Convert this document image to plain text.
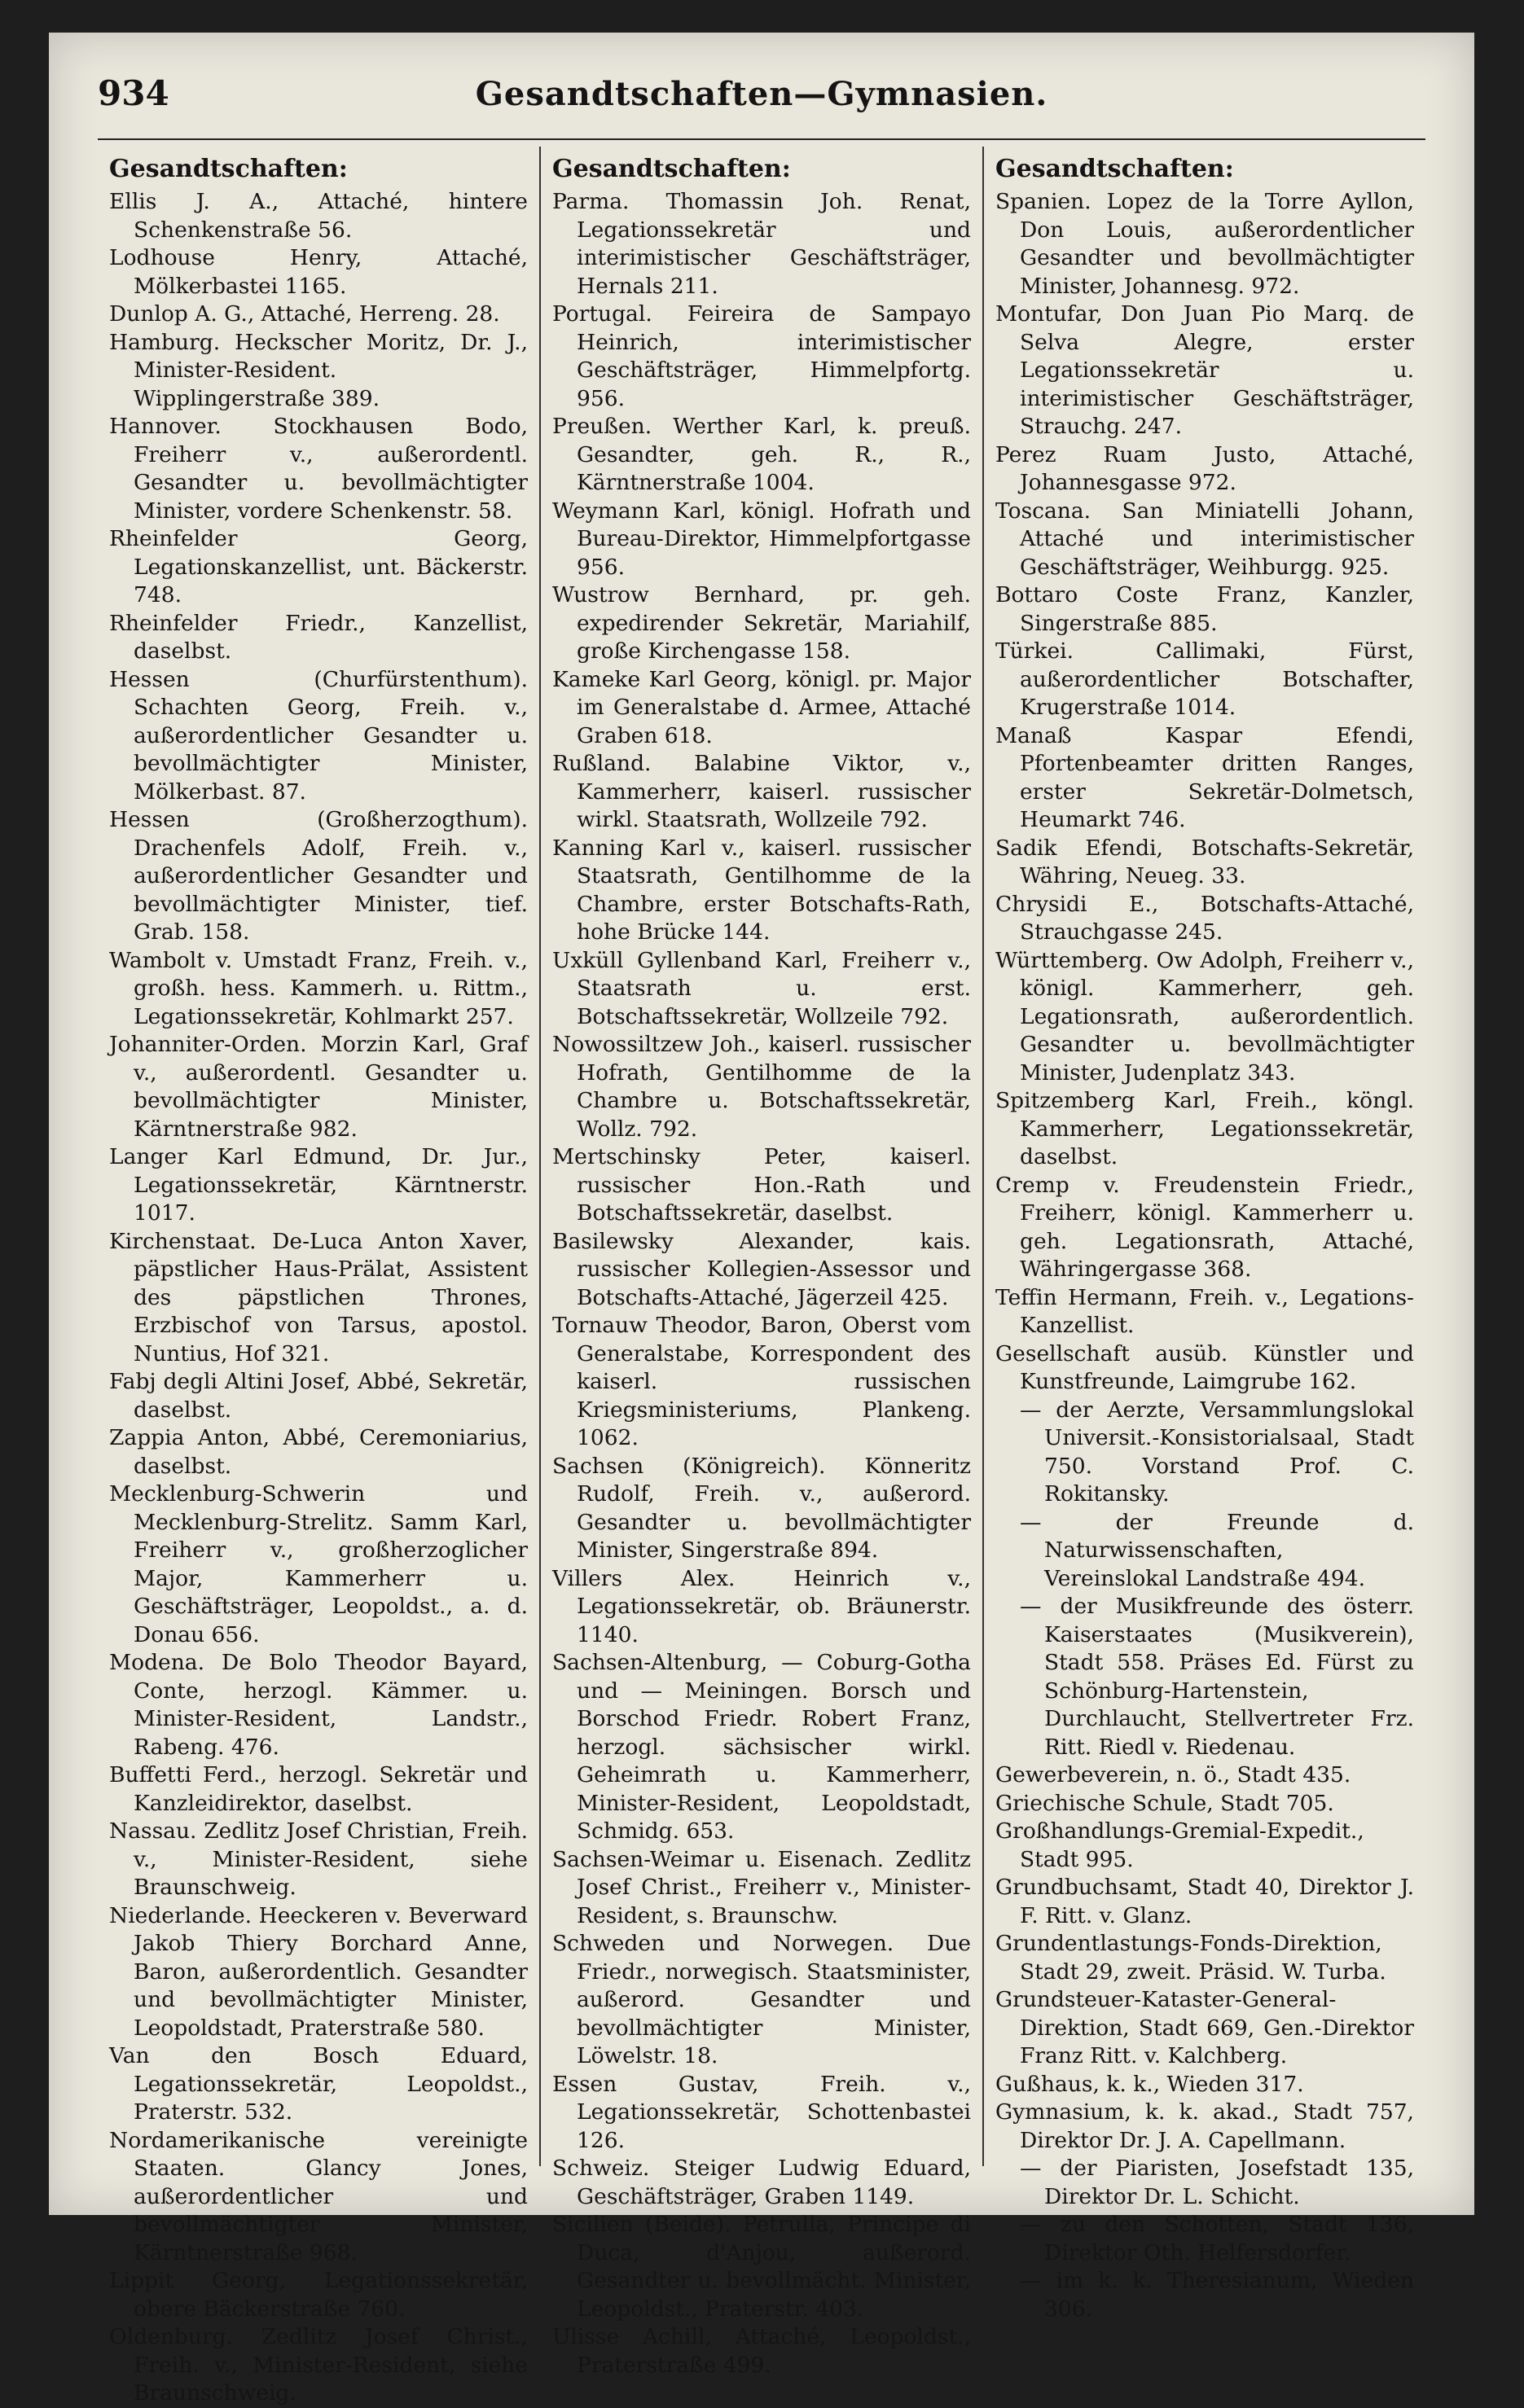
934	Gesandtschaften—Gymnasien.
Gesandtschaften:
Ellis J. A., Attaché, hintere Schenkenstraße 56.
Lodhouse Henry, Attaché, Mölkerbastei 1165.
Dunlop A. G., Attaché, Herreng. 28.
Hamburg. Heckscher Moritz, Dr. J., Minister-Resident. Wipplingerstraße 389.
Hannover. Stockhausen Bodo, Freiherr v., außerordentl. Gesandter u. bevollmächtigter Minister, vordere Schenkenstr. 58.
Rheinfelder Georg, Legationskanzellist, unt. Bäckerstr. 748.
Rheinfelder Friedr., Kanzellist, daselbst.
Hessen (Churfürstenthum). Schachten Georg, Freih. v., außerordentlicher Gesandter u. bevollmächtigter Minister, Mölkerbast. 87.
Hessen (Großherzogthum). Drachenfels Adolf, Freih. v., außerordentlicher Gesandter und bevollmächtigter Minister, tief. Grab. 158.
Wambolt v. Umstadt Franz, Freih. v., großh. hess. Kammerh. u. Rittm., Legationssekretär, Kohlmarkt 257.
Johanniter-Orden. Morzin Karl, Graf v., außerordentl. Gesandter u. bevollmächtigter Minister, Kärntnerstraße 982.
Langer Karl Edmund, Dr. Jur., Legationssekretär, Kärntnerstr. 1017.
Kirchenstaat. De-Luca Anton Xaver, päpstlicher Haus-Prälat, Assistent des päpstlichen Thrones, Erzbischof von Tarsus, apostol. Nuntius, Hof 321.
Fabj degli Altini Josef, Abbé, Sekretär, daselbst.
Zappia Anton, Abbé, Ceremoniarius, daselbst.
Mecklenburg-Schwerin und Mecklenburg-Strelitz. Samm Karl, Freiherr v., großherzoglicher Major, Kammerherr u. Geschäftsträger, Leopoldst., a. d. Donau 656.
Modena. De Bolo Theodor Bayard, Conte, herzogl. Kämmer. u. Minister-Resident, Landstr., Rabeng. 476.
Buffetti Ferd., herzogl. Sekretär und Kanzleidirektor, daselbst.
Nassau. Zedlitz Josef Christian, Freih. v., Minister-Resident, siehe Braunschweig.
Niederlande. Heeckeren v. Beverward Jakob Thiery Borchard Anne, Baron, außerordentlich. Gesandter und bevollmächtigter Minister, Leopoldstadt, Praterstraße 580.
Van den Bosch Eduard, Legationssekretär, Leopoldst., Praterstr. 532.
Nordamerikanische vereinigte Staaten. Glancy Jones, außerordentlicher und bevollmächtigter Minister, Kärntnerstraße 968.
Lippit Georg, Legationssekretär, obere Bäckerstraße 760.
Oldenburg. Zedlitz Josef Christ., Freih. v., Minister-Resident, siehe Braunschweig.
Gesandtschaften:
Parma. Thomassin Joh. Renat, Legationssekretär und interimistischer Geschäftsträger, Hernals 211.
Portugal. Feireira de Sampayo Heinrich, interimistischer Geschäftsträger, Himmelpfortg. 956.
Preußen. Werther Karl, k. preuß. Gesandter, geh. R., R., Kärntnerstraße 1004.
Weymann Karl, königl. Hofrath und Bureau-Direktor, Himmelpfortgasse 956.
Wustrow Bernhard, pr. geh. expedirender Sekretär, Mariahilf, große Kirchengasse 158.
Kameke Karl Georg, königl. pr. Major im Generalstabe d. Armee, Attaché Graben 618.
Rußland. Balabine Viktor, v., Kammerherr, kaiserl. russischer wirkl. Staatsrath, Wollzeile 792.
Kanning Karl v., kaiserl. russischer Staatsrath, Gentilhomme de la Chambre, erster Botschafts-Rath, hohe Brücke 144.
Uxküll Gyllenband Karl, Freiherr v., Staatsrath u. erst. Botschaftssekretär, Wollzeile 792.
Nowossiltzew Joh., kaiserl. russischer Hofrath, Gentilhomme de la Chambre u. Botschaftssekretär, Wollz. 792.
Mertschinsky Peter, kaiserl. russischer Hon.-Rath und Botschaftssekretär, daselbst.
Basilewsky Alexander, kais. russischer Kollegien-Assessor und Botschafts-Attaché, Jägerzeil 425.
Tornauw Theodor, Baron, Oberst vom Generalstabe, Korrespondent des kaiserl. russischen Kriegsministeriums, Plankeng. 1062.
Sachsen (Königreich). Könneritz Rudolf, Freih. v., außerord. Gesandter u. bevollmächtigter Minister, Singerstraße 894.
Villers Alex. Heinrich v., Legationssekretär, ob. Bräunerstr. 1140.
Sachsen-Altenburg, — Coburg-Gotha und — Meiningen. Borsch und Borschod Friedr. Robert Franz, herzogl. sächsischer wirkl. Geheimrath u. Kammerherr, Minister-Resident, Leopoldstadt, Schmidg. 653.
Sachsen-Weimar u. Eisenach. Zedlitz Josef Christ., Freiherr v., Minister-Resident, s. Braunschw.
Schweden und Norwegen. Due Friedr., norwegisch. Staatsminister, außerord. Gesandter und bevollmächtigter Minister, Löwelstr. 18.
Essen Gustav, Freih. v., Legationssekretär, Schottenbastei 126.
Schweiz. Steiger Ludwig Eduard, Geschäftsträger, Graben 1149.
Sicilien (Beide). Petrulla, Principe di Duca, d'Anjou, außerord. Gesandter u. bevollmächt. Minister, Leopoldst., Praterstr. 403.
Ulisse Achill, Attaché, Leopoldst., Praterstraße 499.
Gesandtschaften:
Spanien. Lopez de la Torre Ayllon, Don Louis, außerordentlicher Gesandter und bevollmächtigter Minister, Johannesg. 972.
Montufar, Don Juan Pio Marq. de Selva Alegre, erster Legationssekretär u. interimistischer Geschäftsträger, Strauchg. 247.
Perez Ruam Justo, Attaché, Johannesgasse 972.
Toscana. San Miniatelli Johann, Attaché und interimistischer Geschäftsträger, Weihburgg. 925.
Bottaro Coste Franz, Kanzler, Singerstraße 885.
Türkei. Callimaki, Fürst, außerordentlicher Botschafter, Krugerstraße 1014.
Manaß Kaspar Efendi, Pfortenbeamter dritten Ranges, erster Sekretär-Dolmetsch, Heumarkt 746.
Sadik Efendi, Botschafts-Sekretär, Währing, Neueg. 33.
Chrysidi E., Botschafts-Attaché, Strauchgasse 245.
Württemberg. Ow Adolph, Freiherr v., königl. Kammerherr, geh. Legationsrath, außerordentlich. Gesandter u. bevollmächtigter Minister, Judenplatz 343.
Spitzemberg Karl, Freih., köngl. Kammerherr, Legationssekretär, daselbst.
Cremp v. Freudenstein Friedr., Freiherr, königl. Kammerherr u. geh. Legationsrath, Attaché, Währingergasse 368.
Teffin Hermann, Freih. v., Legations-Kanzellist.
Gesellschaft ausüb. Künstler und Kunstfreunde, Laimgrube 162.
— der Aerzte, Versammlungslokal Universit.-Konsistorialsaal, Stadt 750. Vorstand Prof. C. Rokitansky.
— der Freunde d. Naturwissenschaften, Vereinslokal Landstraße 494.
— der Musikfreunde des österr. Kaiserstaates (Musikverein), Stadt 558. Präses Ed. Fürst zu Schönburg-Hartenstein, Durchlaucht, Stellvertreter Frz. Ritt. Riedl v. Riedenau.
Gewerbeverein, n. ö., Stadt 435.
Griechische Schule, Stadt 705.
Großhandlungs-Gremial-Expedit., Stadt 995.
Grundbuchsamt, Stadt 40, Direktor J. F. Ritt. v. Glanz.
Grundentlastungs-Fonds-Direktion, Stadt 29, zweit. Präsid. W. Turba.
Grundsteuer-Kataster-General-Direktion, Stadt 669, Gen.-Direktor Franz Ritt. v. Kalchberg.
Gußhaus, k. k., Wieden 317.
Gymnasium, k. k. akad., Stadt 757, Direktor Dr. J. A. Capellmann.
— der Piaristen, Josefstadt 135, Direktor Dr. L. Schicht.
— zu den Schotten, Stadt 136, Direktor Oth. Helfersdorfer.
— im k. k. Theresianum, Wieden 306.
